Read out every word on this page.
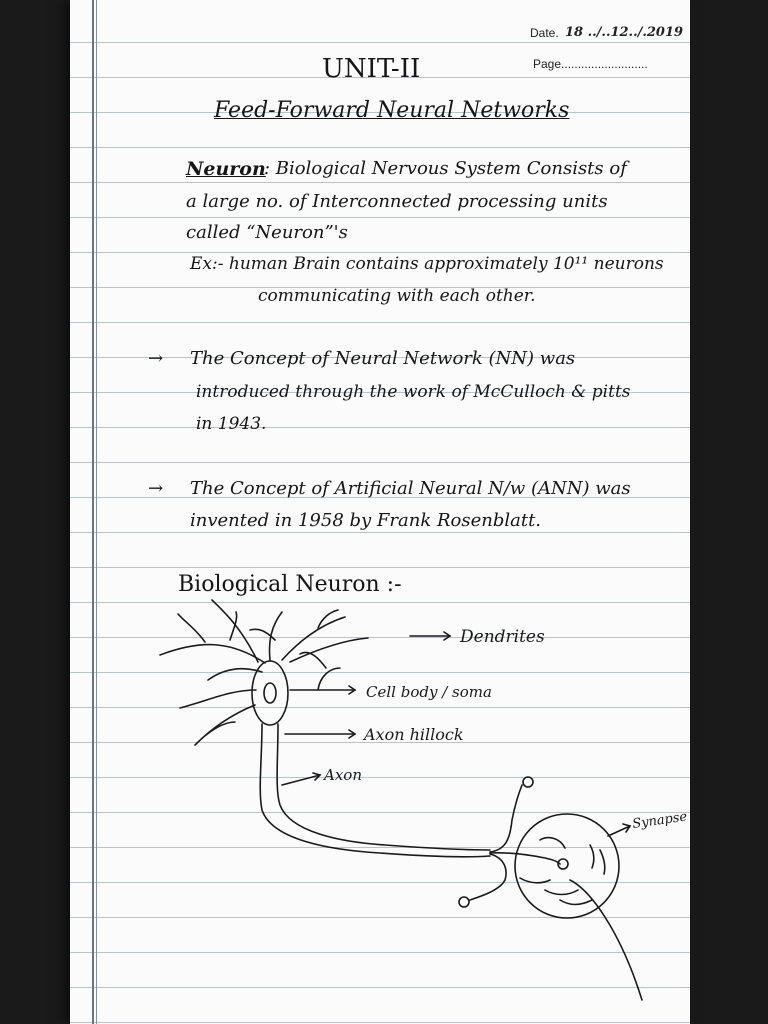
Date. 18 ../..12../.2019
Page..........................
UNIT-II
Feed-Forward Neural Networks
Neuron
: Biological Nervous System Consists of
a large no. of Interconnected processing units
called “Neuron”'s
Ex:- human Brain contains approximately 10¹¹ neurons
communicating with each other.
→ The Concept of Neural Network (NN) was
introduced through the work of McCulloch & pitts
in 1943.
→ The Concept of Artificial Neural N/w (ANN) was
invented in 1958 by Frank Rosenblatt.
Biological Neuron :-
Dendrites
Cell body / soma
Axon hillock
Axon
Synapse
